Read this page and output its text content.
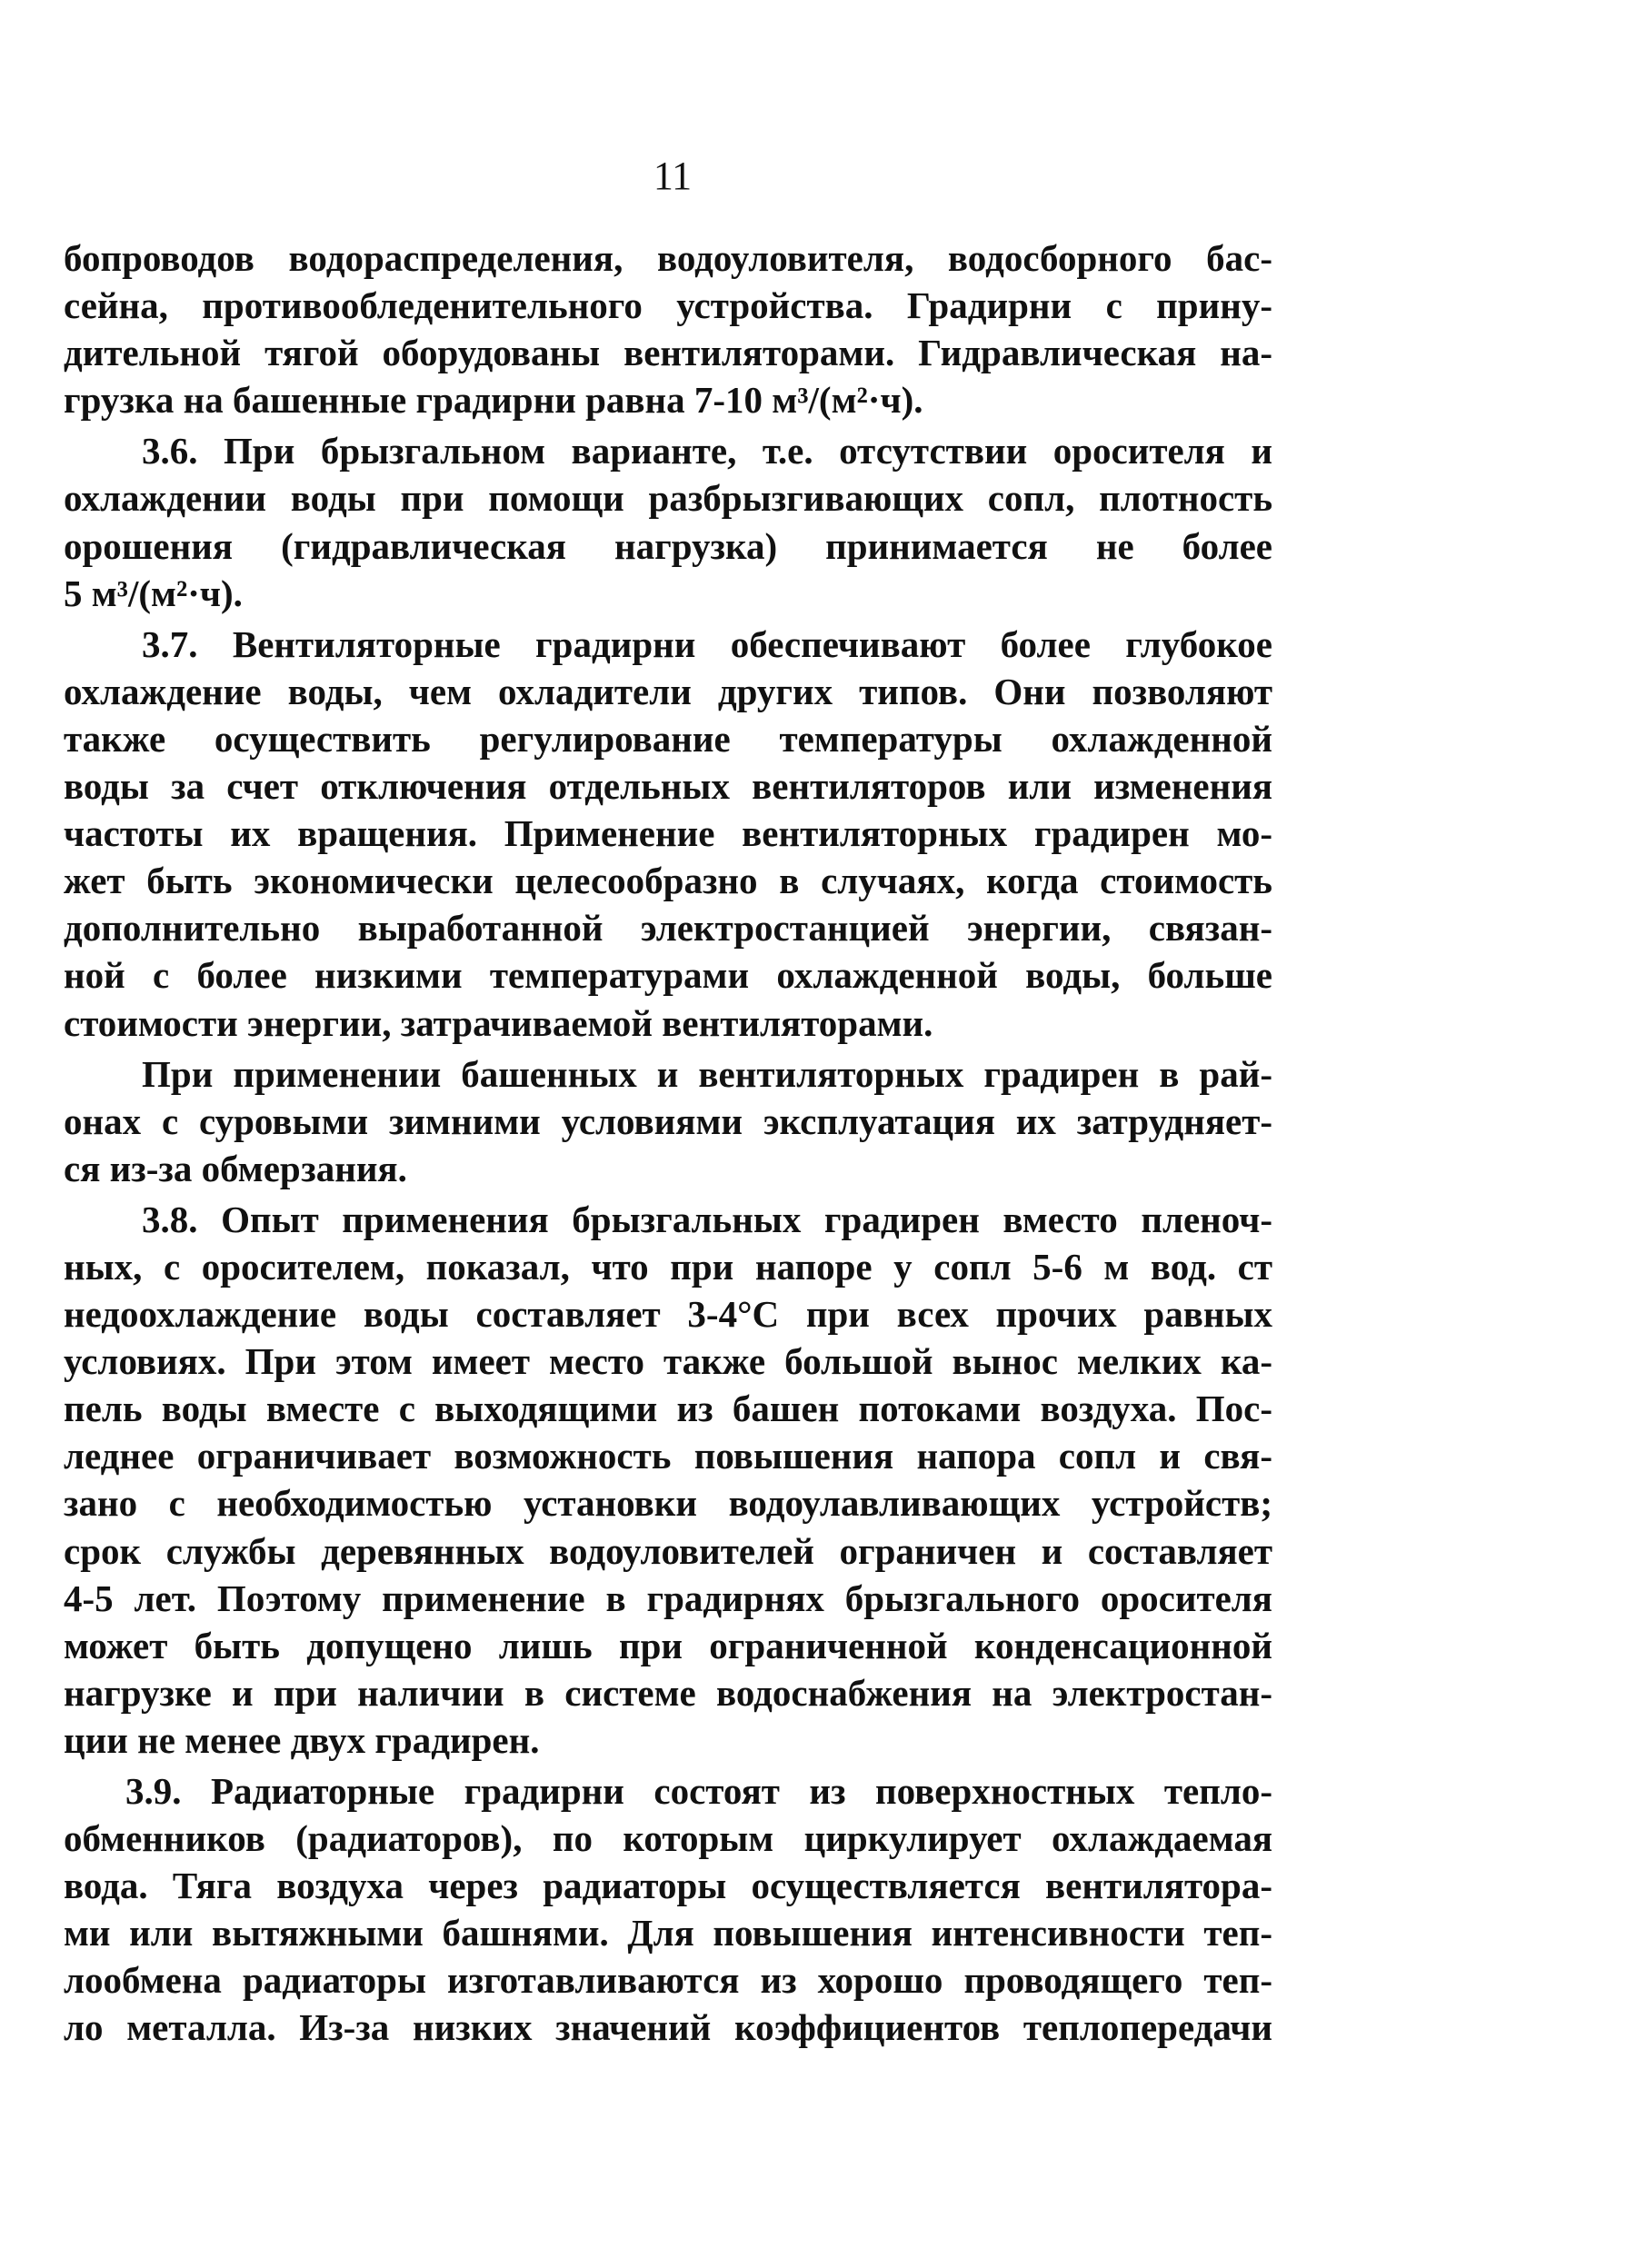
11
бопроводов водораспределения, водоуловителя, водосборного бас-
сейна, противообледенительного устройства. Градирни с прину-
дительной тягой оборудованы вентиляторами. Гидравлическая на-
грузка на башенные градирни равна 7-10 м³/(м²·ч).
3.6. При брызгальном варианте, т.е. отсутствии оросителя и
охлаждении воды при помощи разбрызгивающих сопл, плотность
орошения (гидравлическая нагрузка) принимается не более
5 м³/(м²·ч).
3.7. Вентиляторные градирни обеспечивают более глубокое
охлаждение воды, чем охладители других типов. Они позволяют
также осуществить регулирование температуры охлажденной
воды за счет отключения отдельных вентиляторов или изменения
частоты их вращения. Применение вентиляторных градирен мо-
жет быть экономически целесообразно в случаях, когда стоимость
дополнительно выработанной электростанцией энергии, связан-
ной с более низкими температурами охлажденной воды, больше
стоимости энергии, затрачиваемой вентиляторами.
При применении башенных и вентиляторных градирен в рай-
онах с суровыми зимними условиями эксплуатация их затрудняет-
ся из-за обмерзания.
3.8. Опыт применения брызгальных градирен вместо пленоч-
ных, с оросителем, показал, что при напоре у сопл 5-6 м вод. ст
недоохлаждение воды составляет 3-4°С при всех прочих равных
условиях. При этом имеет место также большой вынос мелких ка-
пель воды вместе с выходящими из башен потоками воздуха. Пос-
леднее ограничивает возможность повышения напора сопл и свя-
зано с необходимостью установки водоулавливающих устройств;
срок службы деревянных водоуловителей ограничен и составляет
4-5 лет. Поэтому применение в градирнях брызгального оросителя
может быть допущено лишь при ограниченной конденсационной
нагрузке и при наличии в системе водоснабжения на электростан-
ции не менее двух градирен.
3.9. Радиаторные градирни состоят из поверхностных тепло-
обменников (радиаторов), по которым циркулирует охлаждаемая
вода. Тяга воздуха через радиаторы осуществляется вентилятора-
ми или вытяжными башнями. Для повышения интенсивности теп-
лообмена радиаторы изготавливаются из хорошо проводящего теп-
ло металла. Из-за низких значений коэффициентов теплопередачи
